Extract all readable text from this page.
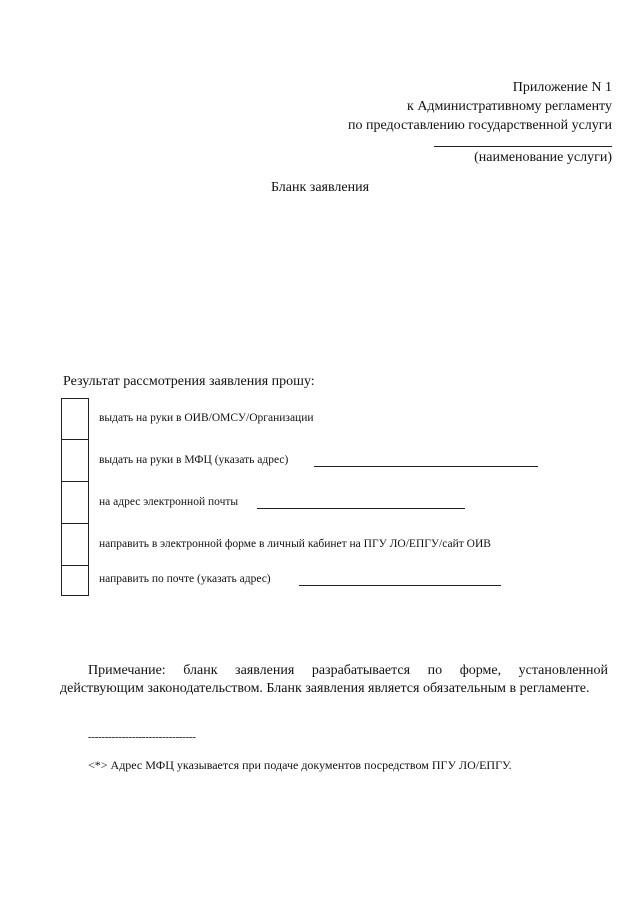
Приложение N 1
к Административному регламенту
по предоставлению государственной услуги
(наименование услуги)
Бланк заявления
Результат рассмотрения заявления прошу:
выдать на руки в ОИВ/ОМСУ/Организации
выдать на руки в МФЦ (указать адрес)
на адрес электронной почты
направить в электронной форме в личный кабинет на ПГУ ЛО/ЕПГУ/сайт ОИВ
направить по почте (указать адрес)
Примечание: бланк заявления разрабатывается по форме, установленной действующим законодательством. Бланк заявления является обязательным в регламенте.
--------------------------------
<*> Адрес МФЦ указывается при подаче документов посредством ПГУ ЛО/ЕПГУ.
